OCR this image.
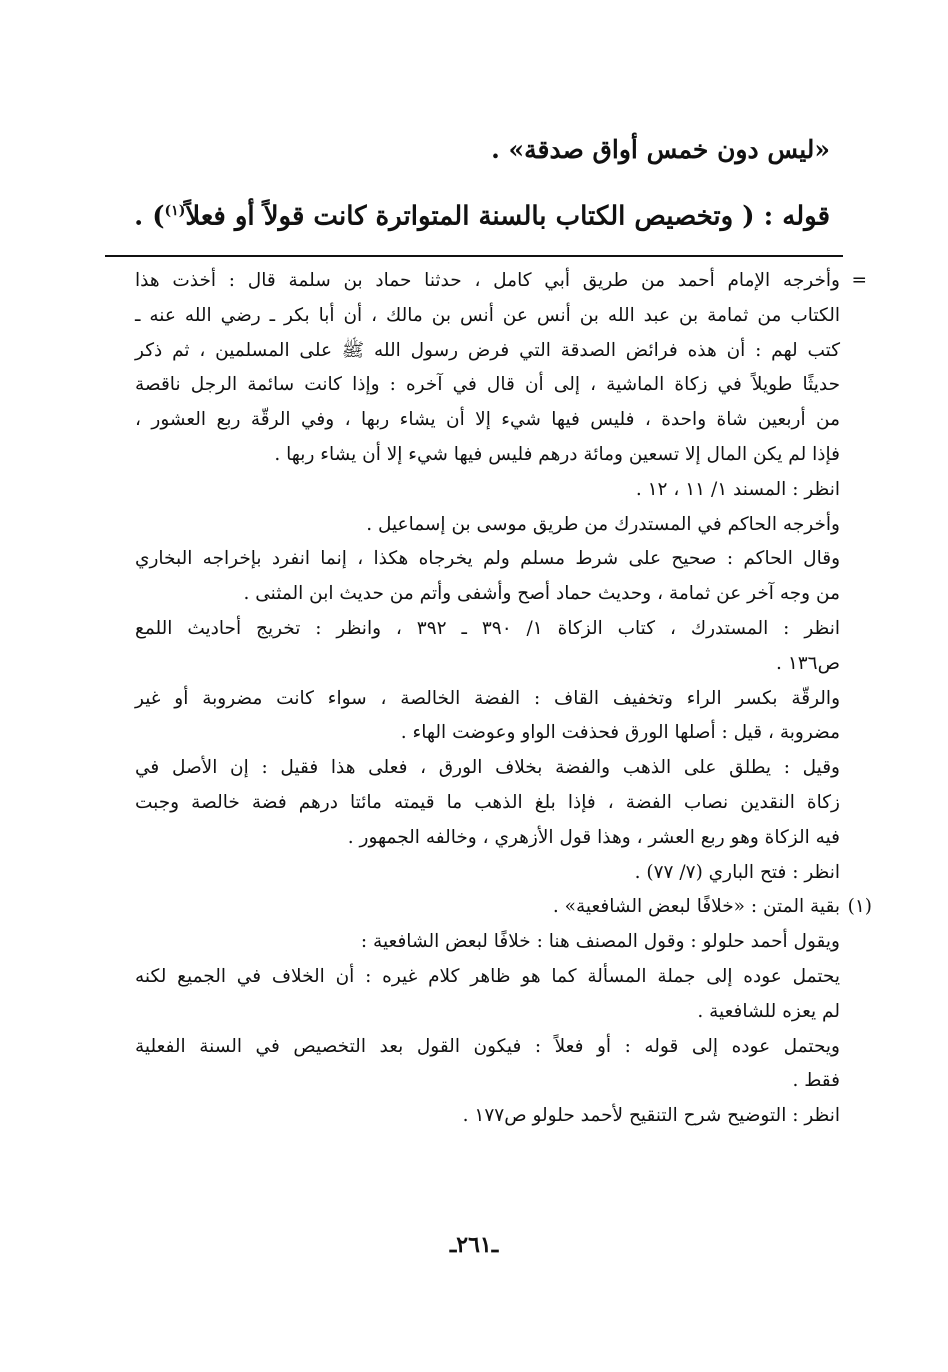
«ليس دون خمس أواق صدقة» .
قوله : ( وتخصيص الكتاب بالسنة المتواترة كانت قولاً أو فعلاً$^{(١)}$) .
=
وأخرجه الإمام أحمد من طريق أبي كامل ، حدثنا حماد بن سلمة قال : أخذت هذا
الكتاب من ثمامة بن عبد الله بن أنس عن أنس بن مالك ، أن أبا بكر ـ رضي الله عنه ـ
كتب لهم : أن هذه فرائض الصدقة التي فرض رسول الله ﷺ على المسلمين ، ثم ذكر
حديثًا طويلاً في زكاة الماشية ، إلى أن قال في آخره : وإذا كانت سائمة الرجل ناقصة
من أربعين شاة واحدة ، فليس فيها شيء إلا أن يشاء ربها ، وفي الرقّة ربع العشور ،
فإذا لم يكن المال إلا تسعين ومائة درهم فليس فيها شيء إلا أن يشاء ربها .
انظر : المسند ١/ ١١ ، ١٢ .
وأخرجه الحاكم في المستدرك من طريق موسى بن إسماعيل .
وقال الحاكم : صحيح على شرط مسلم ولم يخرجاه هكذا ، إنما انفرد بإخراجه البخاري
من وجه آخر عن ثمامة ، وحديث حماد أصح وأشفى وأتم من حديث ابن المثنى .
انظر : المستدرك ، كتاب الزكاة ١/ ٣٩٠ ـ ٣٩٢ ، وانظر : تخريج أحاديث اللمع
ص١٣٦ .
والرقّة بكسر الراء وتخفيف القاف : الفضة الخالصة ، سواء كانت مضروبة أو غير
مضروبة ، قيل : أصلها الورق فحذفت الواو وعوضت الهاء .
وقيل : يطلق على الذهب والفضة بخلاف الورق ، فعلى هذا فقيل : إن الأصل في
زكاة النقدين نصاب الفضة ، فإذا بلغ الذهب ما قيمته مائتا درهم فضة خالصة وجبت
فيه الزكاة وهو ربع العشر ، وهذا قول الأزهري ، وخالفه الجمهور .
انظر : فتح الباري (٧/ ٧٧) .
(١)
بقية المتن : «خلافًا لبعض الشافعية» .
ويقول أحمد حلولو : وقول المصنف هنا : خلافًا لبعض الشافعية :
يحتمل عوده إلى جملة المسألة كما هو ظاهر كلام غيره : أن الخلاف في الجميع لكنه
لم يعزه للشافعية .
ويحتمل عوده إلى قوله : أو فعلاً : فيكون القول بعد التخصيص في السنة الفعلية
فقط .
انظر : التوضيح شرح التنقيح لأحمد حلولو ص١٧٧ .
ـ٢٦١ـ
